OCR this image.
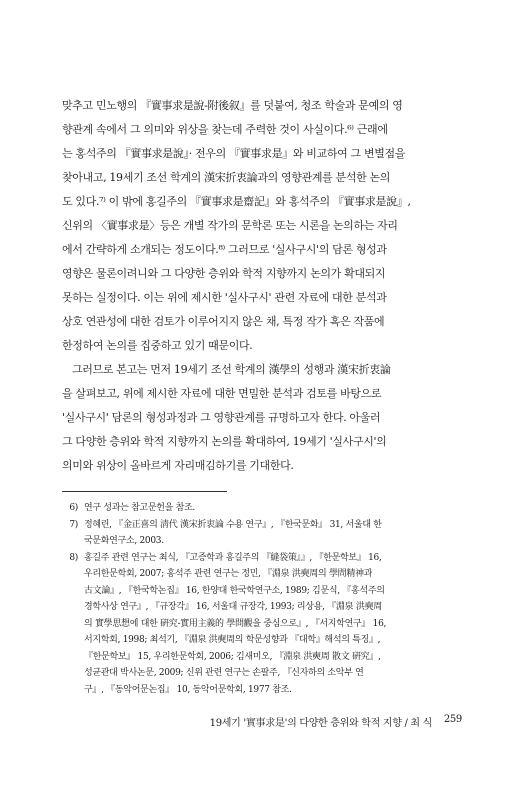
맞추고 민노행의 『實事求是說-附後叙』를 덧붙여, 청조 학술과 문예의 영
향관계 속에서 그 의미와 위상을 찾는데 주력한 것이 사실이다.⁶⁾ 근래에
는 홍석주의 『實事求是說』· 전우의 『實事求是』와 비교하여 그 변별점을
찾아내고, 19세기 조선 학계의 漢宋折衷論과의 영향관계를 분석한 논의
도 있다.⁷⁾ 이 밖에 홍길주의 『實事求是齋記』와 홍석주의 『實事求是說』,
신위의 〈實事求是〉등은 개별 작가의 문학론 또는 시론을 논의하는 자리
에서 간략하게 소개되는 정도이다.⁸⁾ 그러므로 '실사구시'의 담론 형성과
영향은 물론이려니와 그 다양한 층위와 학적 지향까지 논의가 확대되지
못하는 실정이다. 이는 위에 제시한 '실사구시' 관련 자료에 대한 분석과
상호 연관성에 대한 검토가 이루어지지 않은 채, 특정 작가 혹은 작품에
한정하여 논의를 집중하고 있기 때문이다.
그러므로 본고는 먼저 19세기 조선 학계의 漢學의 성행과 漢宋折衷論
을 살펴보고, 위에 제시한 자료에 대한 면밀한 분석과 검토를 바탕으로
'실사구시' 담론의 형성과정과 그 영향관계를 규명하고자 한다. 아울러
그 다양한 층위와 학적 지향까지 논의를 확대하여, 19세기 '실사구시'의
의미와 위상이 올바르게 자리매김하기를 기대한다.
6) 연구 성과는 참고문헌을 참조.
7) 정혜린, 『金正喜의 淸代 漢宋折衷論 수용 연구』, 『한국문화』 31, 서울대 한
국문화연구소, 2003.
8) 홍길주 관련 연구는 최식, 『고증학과 홍길주의 『縫袋策』』, 『한문학보』 16,
우리한문학회, 2007; 홍석주 관련 연구는 정민, 『淵泉 洪奭周의 學問精神과
古文論』, 『한국학논집』 16, 한양대 한국학연구소, 1989; 김문식, 『홍석주의
경학사상 연구』, 『규장각』 16, 서울대 규장각, 1993; 리상용, 『淵泉 洪奭周
의 實學思想에 대한 硏究-實用主義的 學問觀을 중심으로』, 『서지학연구』 16,
서지학회, 1998; 최석기, 『淵泉 洪奭周의 학문성향과 『대학』해석의 특징』,
『한문학보』 15, 우리한문학회, 2006; 김새미오, 『淵泉 洪奭周 散文 硏究』,
성균관대 박사논문, 2009; 신위 관련 연구는 손팔주, 『신자하의 소악부 연
구』, 『동악어문논집』 10, 동악어문학회, 1977 참조.
19세기 '實事求是'의 다양한 층위와 학적 지향 / 최 식 259
